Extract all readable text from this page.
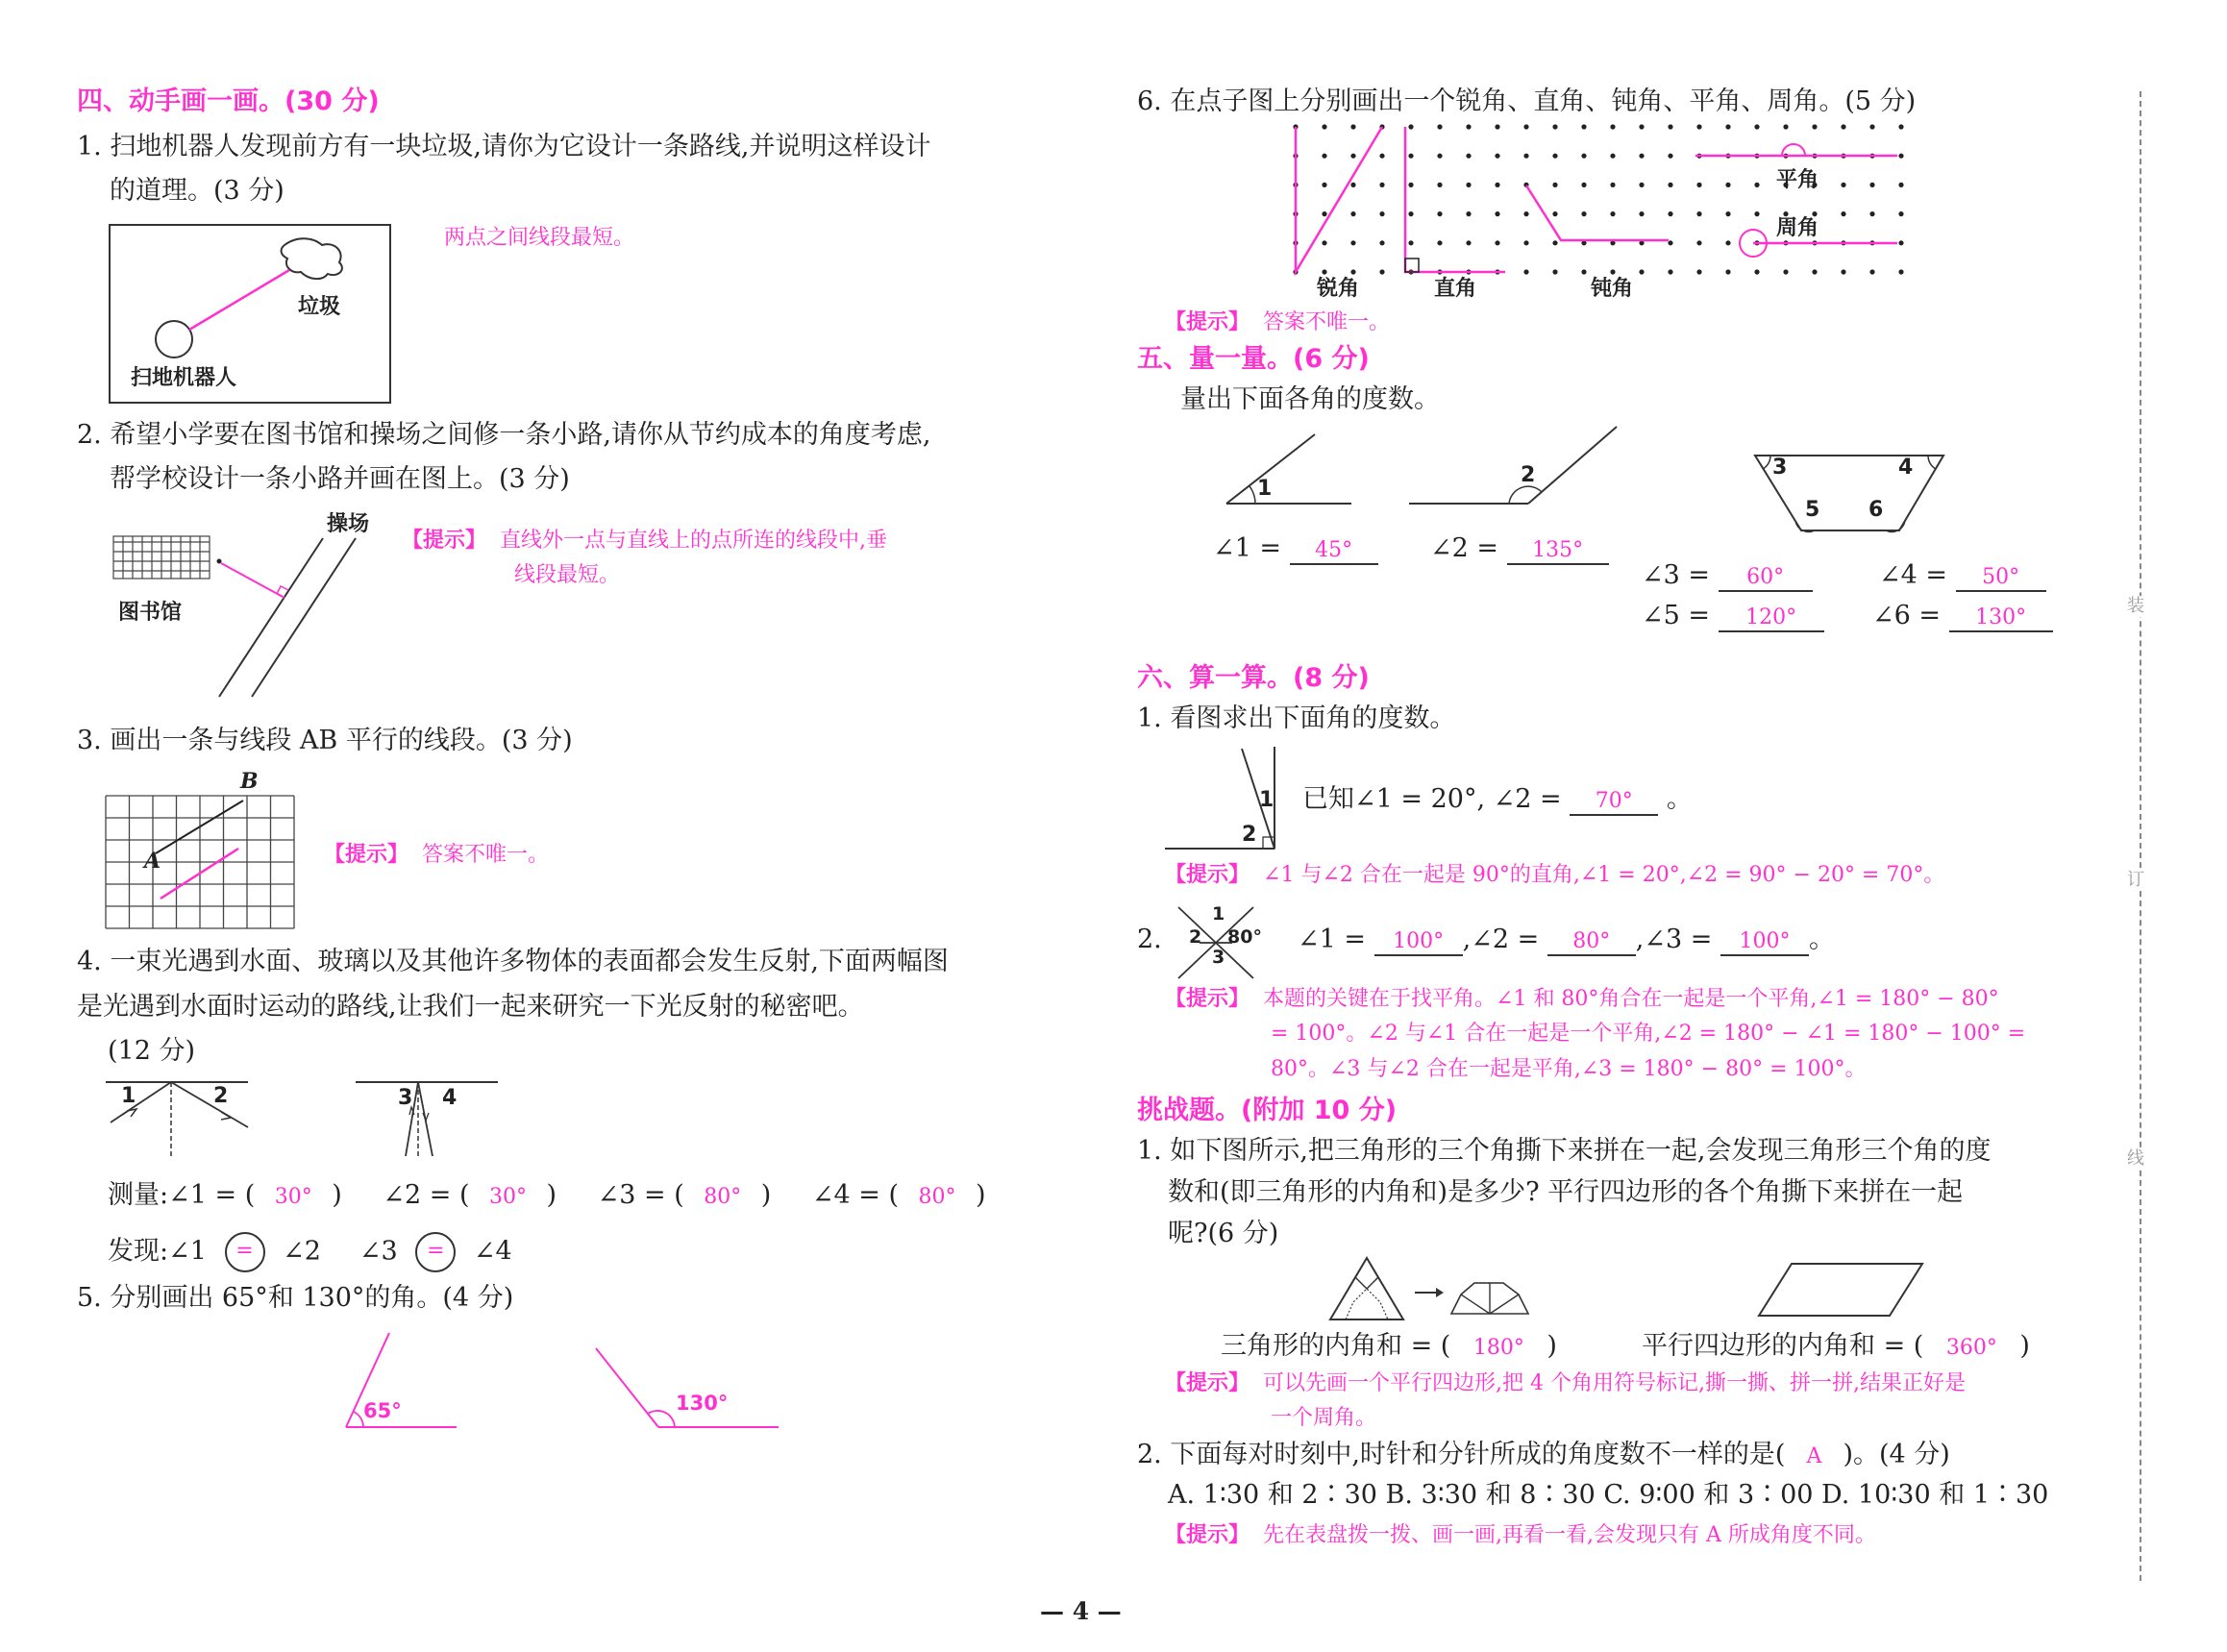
四、动手画一画。(30 分)
1. 扫地机器人发现前方有一块垃圾,请你为它设计一条路线,并说明这样设计
的道理。(3 分)
垃圾
扫地机器人
两点之间线段最短。
2. 希望小学要在图书馆和操场之间修一条小路,请你从节约成本的角度考虑,
帮学校设计一条小路并画在图上。(3 分)
操场
图书馆
【提示】 直线外一点与直线上的点所连的线段中,垂
线段最短。
3. 画出一条与线段 AB 平行的线段。(3 分)
B
A	【提示】 答案不唯一。
4. 一束光遇到水面、玻璃以及其他许多物体的表面都会发生反射,下面两幅图
是光遇到水面时运动的路线,让我们一起来研究一下光反射的秘密吧。
(12 分)
1	2	3 4
测量:∠1 = ( 30° ) ∠2 = ( 30° ) ∠3 = ( 80° ) ∠4 = ( 80° )
发现:∠1 = ∠2 ∠3 = ∠4
5. 分别画出 65°和 130°的角。(4 分)
65°	130°
6. 在点子图上分别画出一个锐角、直角、钝角、平角、周角。(5 分)
锐角	直角	钝角
平角
周角
【提示】 答案不唯一。
五、量一量。(6 分)
量出下面各角的度数。
1
2	3	4
5 6
∠1 = 45°	∠2 = 135°
∠3 = 60°	∠4 = 50°
∠5 = 120°	∠6 = 130°
六、算一算。(8 分)
1. 看图求出下面角的度数。
1
2
已知∠1 = 20°, ∠2 = 70° 。
【提示】 ∠1 与∠2 合在一起是 90°的直角,∠1 = 20°,∠2 = 90° − 20° = 70°。
2.
1
2
3
80° ∠1 = 100° ,∠2 = 80° ,∠3 = 100° 。
【提示】 本题的关键在于找平角。∠1 和 80°角合在一起是一个平角,∠1 = 180° − 80°
= 100°。∠2 与∠1 合在一起是一个平角,∠2 = 180° − ∠1 = 180° − 100° =
80°。∠3 与∠2 合在一起是平角,∠3 = 180° − 80° = 100°。
挑战题。(附加 10 分)
1. 如下图所示,把三角形的三个角撕下来拼在一起,会发现三角形三个角的度
数和(即三角形的内角和)是多少? 平行四边形的各个角撕下来拼在一起
呢?(6 分)
三角形的内角和 = ( 180° )	平行四边形的内角和 = ( 360° )
【提示】 可以先画一个平行四边形,把 4 个角用符号标记,撕一撕、拼一拼,结果正好是
一个周角。
2. 下面每对时刻中,时针和分针所成的角度数不一样的是( A )。(4 分)
A. 1∶30 和 2∶30 B. 3∶30 和 8∶30 C. 9∶00 和 3∶00 D. 10∶30 和 1∶30
【提示】 先在表盘拨一拨、画一画,再看一看,会发现只有 A 所成角度不同。
装
订
线
— 4 —
